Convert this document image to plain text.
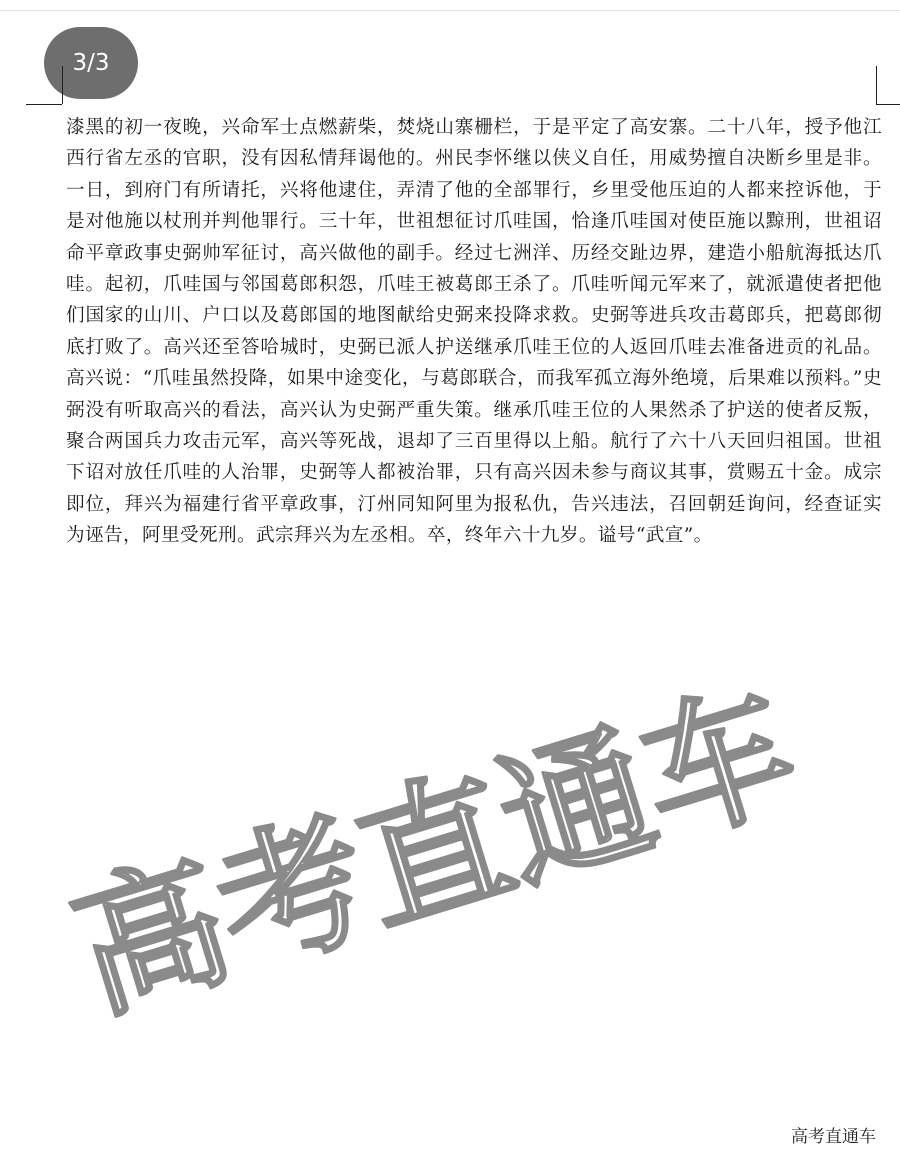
3/3

漆黑的初一夜晚，兴命军士点燃薪柴，焚烧山寨栅栏，于是平定了高安寨。二十八年，授予他江西行省左丞的官职，没有因私情拜谒他的。州民李怀继以侠义自任，用威势擅自决断乡里是非。一日，到府门有所请托，兴将他逮住，弄清了他的全部罪行，乡里受他压迫的人都来控诉他，于是对他施以杖刑并判他罪行。三十年，世祖想征讨爪哇国，恰逢爪哇国对使臣施以黥刑，世祖诏命平章政事史弼帅军征讨，高兴做他的副手。经过七洲洋、历经交趾边界，建造小船航海抵达爪哇。起初，爪哇国与邻国葛郎积怨，爪哇王被葛郎王杀了。爪哇听闻元军来了，就派遣使者把他们国家的山川、户口以及葛郎国的地图献给史弼来投降求救。史弼等进兵攻击葛郎兵，把葛郎彻底打败了。高兴还至答哈城时，史弼已派人护送继承爪哇王位的人返回爪哇去准备进贡的礼品。高兴说：“爪哇虽然投降，如果中途变化，与葛郎联合，而我军孤立海外绝境，后果难以预料。”史弼没有听取高兴的看法，高兴认为史弼严重失策。继承爪哇王位的人果然杀了护送的使者反叛，聚合两国兵力攻击元军，高兴等死战，退却了三百里得以上船。航行了六十八天回归祖国。世祖下诏对放任爪哇的人治罪，史弼等人都被治罪，只有高兴因未参与商议其事，赏赐五十金。成宗即位，拜兴为福建行省平章政事，汀州同知阿里为报私仇，告兴违法，召回朝廷询问，经查证实为诬告，阿里受死刑。武宗拜兴为左丞相。卒，终年六十九岁。谥号“武宣”。

高考直通车
高考直通车
